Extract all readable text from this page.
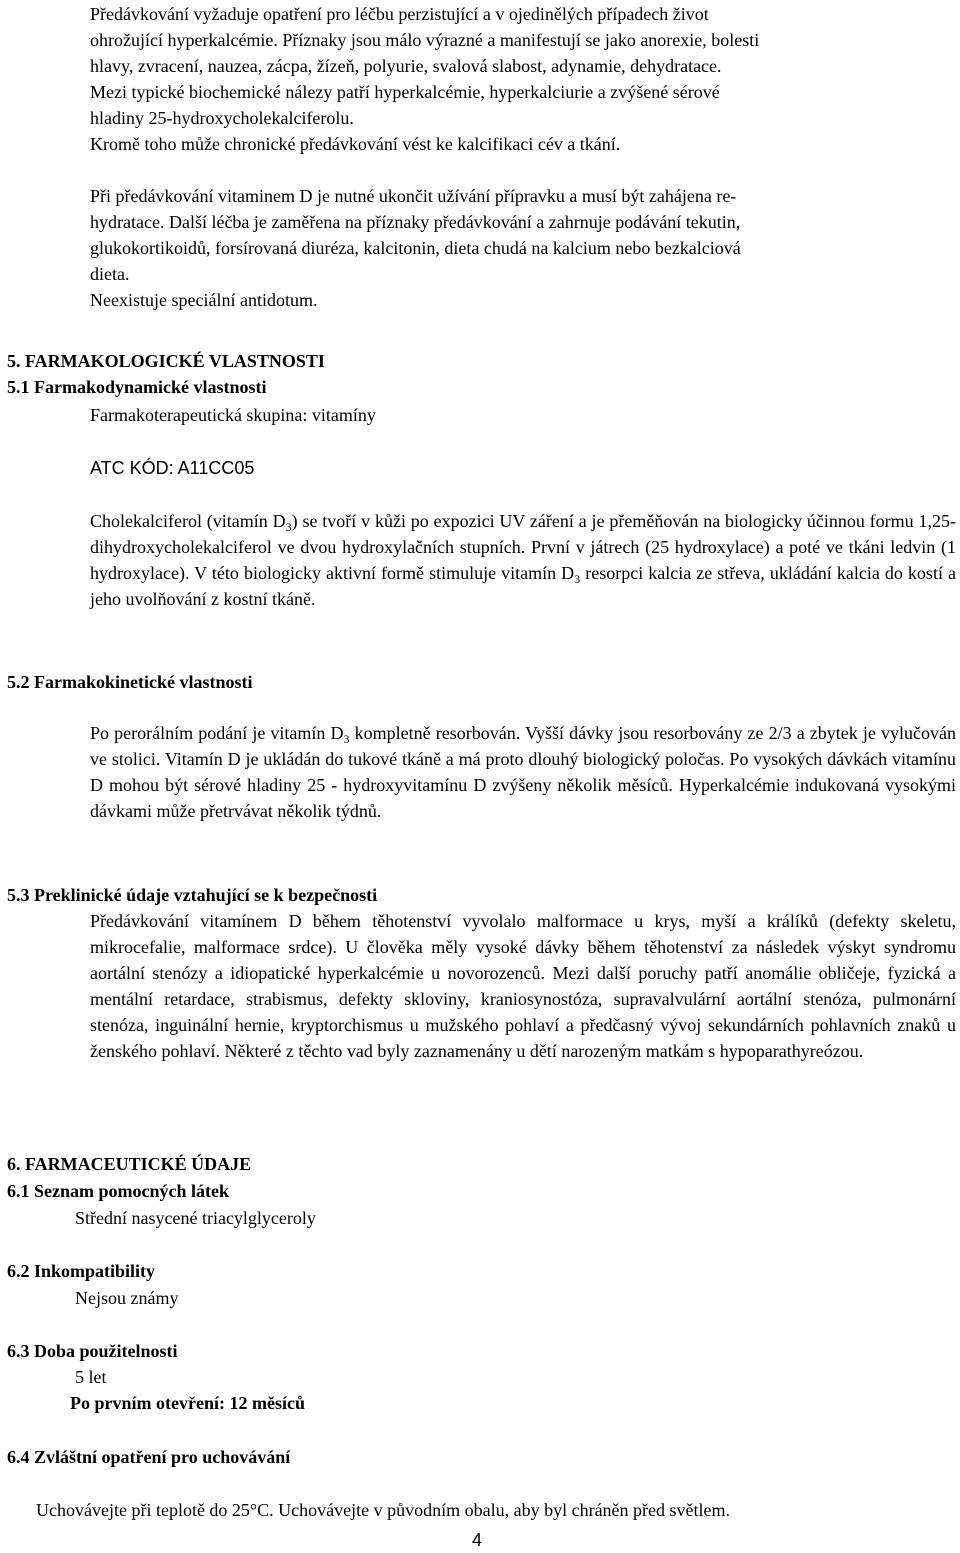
Předávkování vyžaduje opatření pro léčbu perzistující a v ojedinělých případech život
ohrožující hyperkalcémie. Příznaky jsou málo výrazné a manifestují se jako anorexie, bolesti
hlavy, zvracení, nauzea, zácpa, žízeň, polyurie, svalová slabost, adynamie, dehydratace.
Mezi typické biochemické nálezy patří hyperkalcémie, hyperkalciurie a zvýšené sérové
hladiny 25-hydroxycholekalciferolu.
Kromě toho může chronické předávkování vést ke kalcifikaci cév a tkání.
Při předávkování vitaminem D je nutné ukončit užívání přípravku a musí být zahájena re-
hydratace. Další léčba je zaměřena na příznaky předávkování a zahrnuje podávání tekutin,
glukokortikoidů, forsírovaná diuréza, kalcitonin, dieta chudá na kalcium nebo bezkalciová
dieta.
Neexistuje speciální antidotum.
5. FARMAKOLOGICKÉ VLASTNOSTI
5.1 Farmakodynamické vlastnosti
Farmakoterapeutická skupina: vitamíny
ATC KÓD: A11CC05
Cholekalciferol (vitamín $D_3$) se tvoří v kůži po expozici UV záření a je přeměňován na biologicky účinnou formu 1,25-dihydroxycholekalciferol ve dvou hydroxylačních stupních. První v játrech (25 hydroxylace) a poté ve tkáni ledvin (1 hydroxylace). V této biologicky aktivní formě stimuluje vitamín $D_3$ resorpci kalcia ze střeva, ukládání kalcia do kostí a jeho uvolňování z kostní tkáně.
5.2 Farmakokinetické vlastnosti
Po perorálním podání je vitamín $D_3$ kompletně resorbován. Vyšší dávky jsou resorbovány ze 2/3 a zbytek je vylučován ve stolici. Vitamín D je ukládán do tukové tkáně a má proto dlouhý biologický poločas. Po vysokých dávkách vitamínu D mohou být sérové hladiny 25 - hydroxyvitamínu D zvýšeny několik měsíců. Hyperkalcémie indukovaná vysokými dávkami může přetrvávat několik týdnů.
5.3 Preklinické údaje vztahující se k bezpečnosti
Předávkování vitamínem D během těhotenství vyvolalo malformace u krys, myší a králíků (defekty skeletu, mikrocefalie, malformace srdce). U člověka měly vysoké dávky během těhotenství za následek výskyt syndromu aortální stenózy a idiopatické hyperkalcémie u novorozenců. Mezi další poruchy patří anomálie obličeje, fyzická a mentální retardace, strabismus, defekty skloviny, kraniosynostóza, supravalvulární aortální stenóza, pulmonární stenóza, inguinální hernie, kryptorchismus u mužského pohlaví a předčasný vývoj sekundárních pohlavních znaků u ženského pohlaví. Některé z těchto vad byly zaznamenány u dětí narozeným matkám s hypoparathyreózou.
6. FARMACEUTICKÉ ÚDAJE
6.1 Seznam pomocných látek
Střední nasycené triacylglyceroly
6.2 Inkompatibility
Nejsou známy
6.3 Doba použitelnosti
5 let
Po prvním otevření: 12 měsíců
6.4 Zvláštní opatření pro uchovávání
Uchovávejte při teplotě do 25°C. Uchovávejte v původním obalu, aby byl chráněn před světlem.
4
